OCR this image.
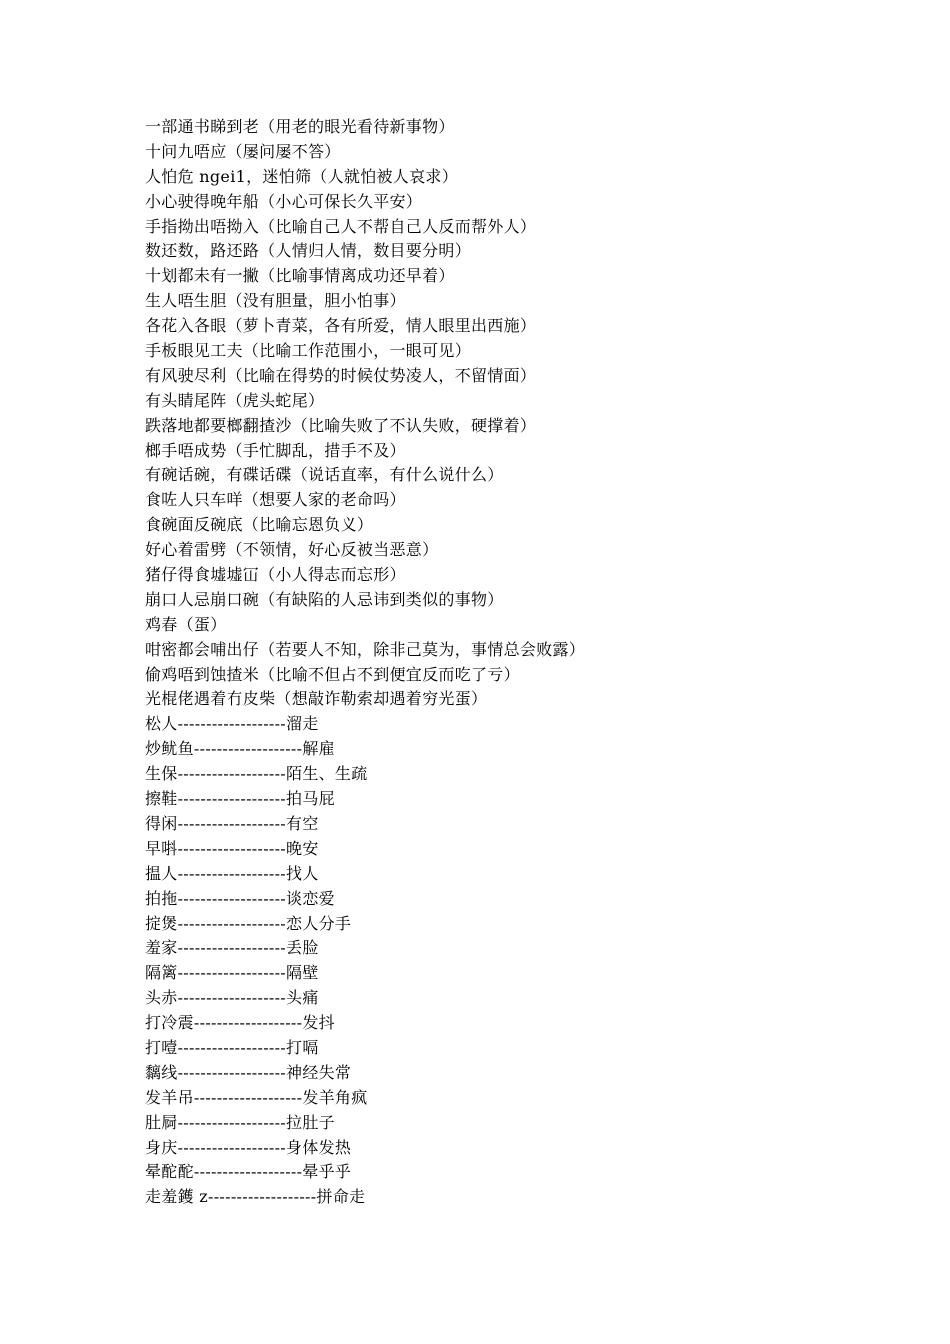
一部通书睇到老（用老的眼光看待新事物）
十问九唔应（屡问屡不答）
人怕危 ngei1，迷怕筛（人就怕被人哀求）
小心驶得晚年船（小心可保长久平安）
手指拗出唔拗入（比喻自己人不帮自己人反而帮外人）
数还数，路还路（人情归人情，数目要分明）
十划都未有一撇（比喻事情离成功还早着）
生人唔生胆（没有胆量，胆小怕事）
各花入各眼（萝卜青菜，各有所爱，情人眼里出西施）
手板眼见工夫（比喻工作范围小，一眼可见）
有风驶尽利（比喻在得势的时候仗势凌人，不留情面）
有头睛尾阵（虎头蛇尾）
跌落地都要榔翻揸沙（比喻失败了不认失败，硬撑着）
榔手唔成势（手忙脚乱，措手不及）
有碗话碗，有碟话碟（说话直率，有什么说什么）
食咗人只车咩（想要人家的老命吗）
食碗面反碗底（比喻忘恩负义）
好心着雷劈（不领情，好心反被当恶意）
猪仔得食墟墟冚（小人得志而忘形）
崩口人忌崩口碗（有缺陷的人忌讳到类似的事物）
鸡春（蛋）
咁密都会哺出仔（若要人不知，除非己莫为，事情总会败露）
偷鸡唔到蚀揸米（比喻不但占不到便宜反而吃了亏）
光棍佬遇着冇皮柴（想敲诈勒索却遇着穷光蛋）
松人-------------------溜走
炒鱿鱼-------------------解雇
生保-------------------陌生、生疏
擦鞋-------------------拍马屁
得闲-------------------有空
早唞-------------------晚安
揾人-------------------找人
拍拖-------------------谈恋爱
掟煲-------------------恋人分手
羞家-------------------丢脸
隔篱-------------------隔壁
头赤-------------------头痛
打冷震-------------------发抖
打噎-------------------打嗝
黐线-------------------神经失常
发羊吊-------------------发羊角疯
肚屙-------------------拉肚子
身庆-------------------身体发热
晕酡酡-------------------晕乎乎
走羞鑊 z-------------------拼命走
